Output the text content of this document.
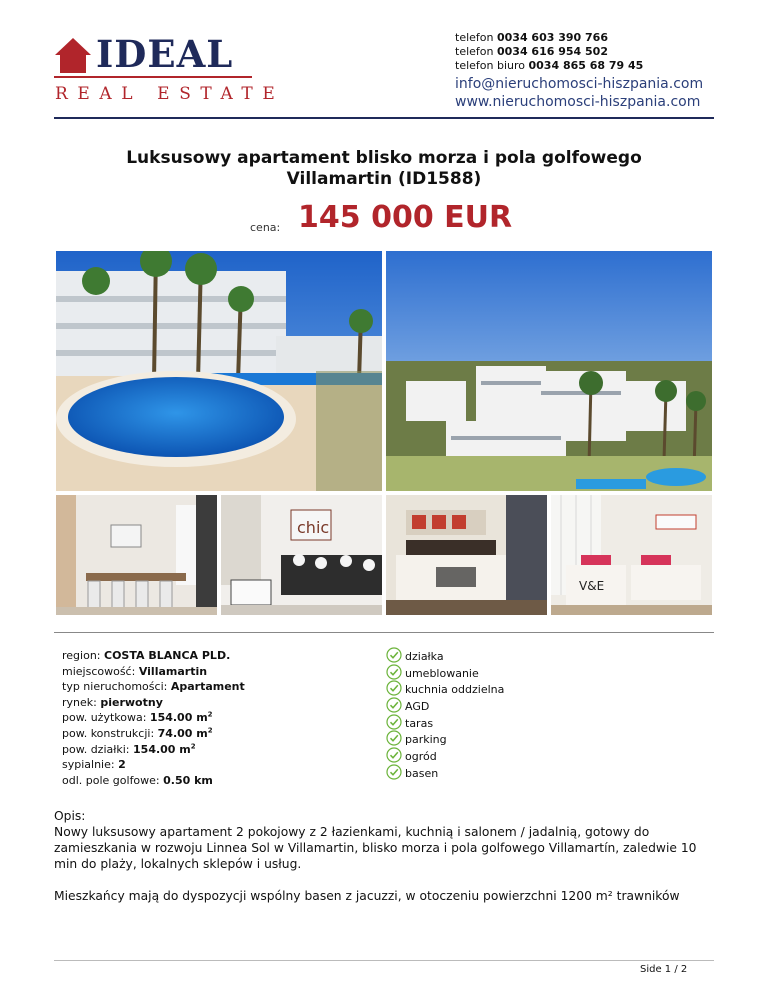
IDEAL
REAL ESTATE
telefon 0034 603 390 766
telefon 0034 616 954 502
telefon biuro 0034 865 68 79 45
info@nieruchomosci-hiszpania.com
www.nieruchomosci-hiszpania.com
Luksusowy apartament blisko morza i pola golfowego
Villamartin (ID1588)
cena: 145 000 EUR
chic
V&E
region: COSTA BLANCA PLD.
miejscowość: Villamartin
typ nieruchomości: Apartament
rynek: pierwotny
pow. użytkowa: 154.00 $m^2$
pow. konstrukcji: 74.00 $m^2$
pow. działki: 154.00 $m^2$
sypialnie: 2
odl. pole golfowe: 0.50 km
działka
umeblowanie
kuchnia oddzielna
AGD
taras
parking
ogród
basen

Opis:

Nowy luksusowy apartament 2 pokojowy z 2 łazienkami, kuchnią i salonem / jadalnią, gotowy do zamieszkania w rozwoju Linnea Sol w Villamartin, blisko morza i pola golfowego Villamartín, zaledwie 10 min do plaży, lokalnych sklepów i usług.

Mieszkańcy mają do dyspozycji wspólny basen z jacuzzi, w otoczeniu powierzchni 1200 m² trawników

Side 1 / 2
